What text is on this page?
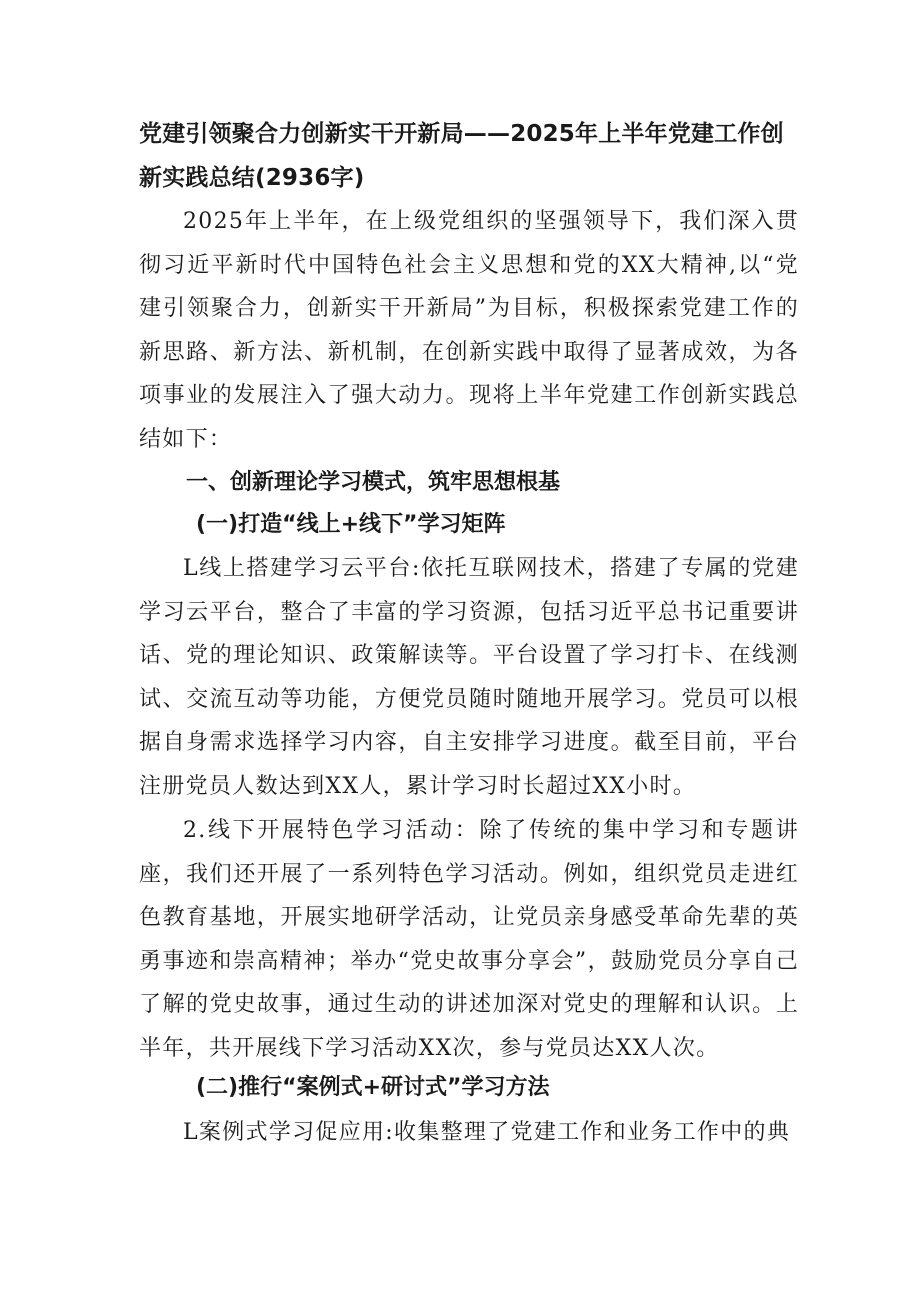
党建引领聚合力创新实干开新局——2025年上半年党建工作创新实践总结(2936字)

2025年上半年，在上级党组织的坚强领导下，我们深入贯彻习近平新时代中国特色社会主义思想和党的XX大精神,以“党建引领聚合力，创新实干开新局”为目标，积极探索党建工作的新思路、新方法、新机制，在创新实践中取得了显著成效，为各项事业的发展注入了强大动力。现将上半年党建工作创新实践总结如下：

一、创新理论学习模式，筑牢思想根基
(一)打造“线上+线下”学习矩阵

L线上搭建学习云平台:依托互联网技术，搭建了专属的党建学习云平台，整合了丰富的学习资源，包括习近平总书记重要讲话、党的理论知识、政策解读等。平台设置了学习打卡、在线测试、交流互动等功能，方便党员随时随地开展学习。党员可以根据自身需求选择学习内容，自主安排学习进度。截至目前，平台注册党员人数达到XX人，累计学习时长超过XX小时。

2.线下开展特色学习活动：除了传统的集中学习和专题讲座，我们还开展了一系列特色学习活动。例如，组织党员走进红色教育基地，开展实地研学活动，让党员亲身感受革命先辈的英勇事迹和崇高精神；举办“党史故事分享会”，鼓励党员分享自己了解的党史故事，通过生动的讲述加深对党史的理解和认识。上半年，共开展线下学习活动XX次，参与党员达XX人次。

(二)推行“案例式+研讨式”学习方法

L案例式学习促应用:收集整理了党建工作和业务工作中的典
